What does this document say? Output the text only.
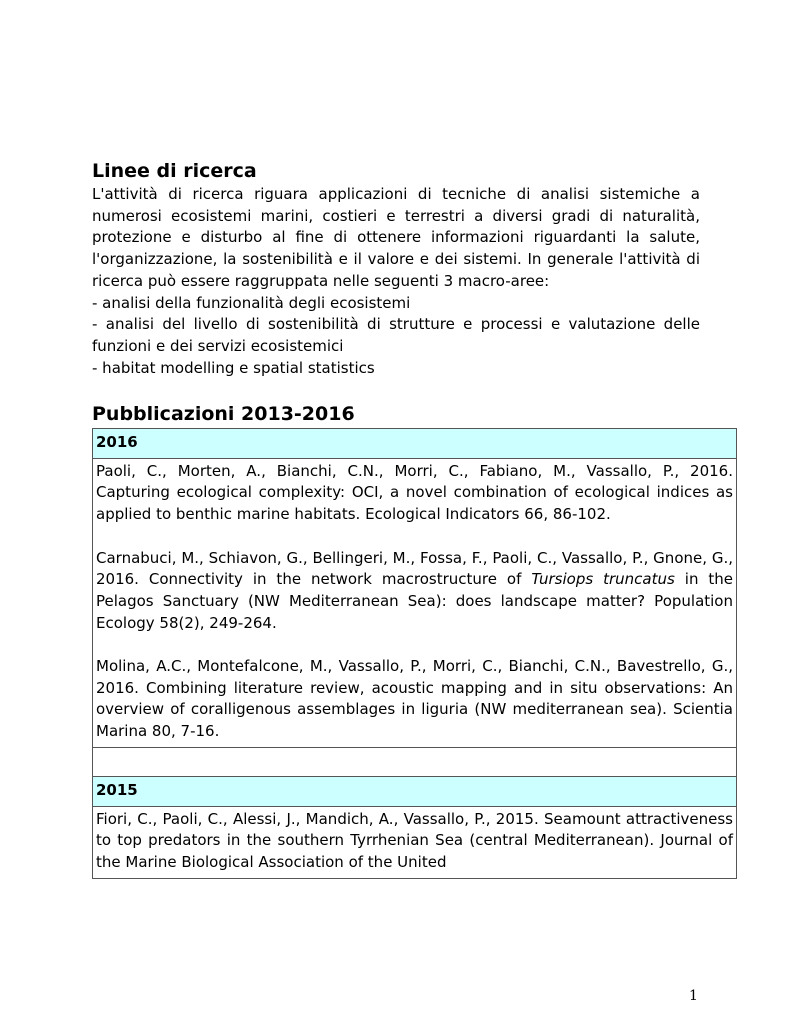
Linee di ricerca

L'attività di ricerca riguara applicazioni di tecniche di analisi sistemiche a numerosi ecosistemi marini, costieri e terrestri a diversi gradi di naturalità, protezione e disturbo al fine di ottenere informazioni riguardanti la salute, l'organizzazione, la sostenibilità e il valore e dei sistemi. In generale l'attività di ricerca può essere raggruppata nelle seguenti 3 macro-aree:

- analisi della funzionalità degli ecosistemi

- analisi del livello di sostenibilità di strutture e processi e valutazione delle funzioni e dei servizi ecosistemici

- habitat modelling e spatial statistics

Pubblicazioni 2013-2016
2016

Paoli, C., Morten, A., Bianchi, C.N., Morri, C., Fabiano, M., Vassallo, P., 2016. Capturing ecological complexity: OCI, a novel combination of ecological indices as applied to benthic marine habitats. Ecological Indicators 66, 86-102.

Carnabuci, M., Schiavon, G., Bellingeri, M., Fossa, F., Paoli, C., Vassallo, P., Gnone, G., 2016. Connectivity in the network macrostructure of Tursiops truncatus in the Pelagos Sanctuary (NW Mediterranean Sea): does landscape matter? Population Ecology 58(2), 249-264.

Molina, A.C., Montefalcone, M., Vassallo, P., Morri, C., Bianchi, C.N., Bavestrello, G., 2016. Combining literature review, acoustic mapping and in situ observations: An overview of coralligenous assemblages in liguria (NW mediterranean sea). Scientia Marina 80, 7-16.

2015

Fiori, C., Paoli, C., Alessi, J., Mandich, A., Vassallo, P., 2015. Seamount attractiveness to top predators in the southern Tyrrhenian Sea (central Mediterranean). Journal of the Marine Biological Association of the United

1
